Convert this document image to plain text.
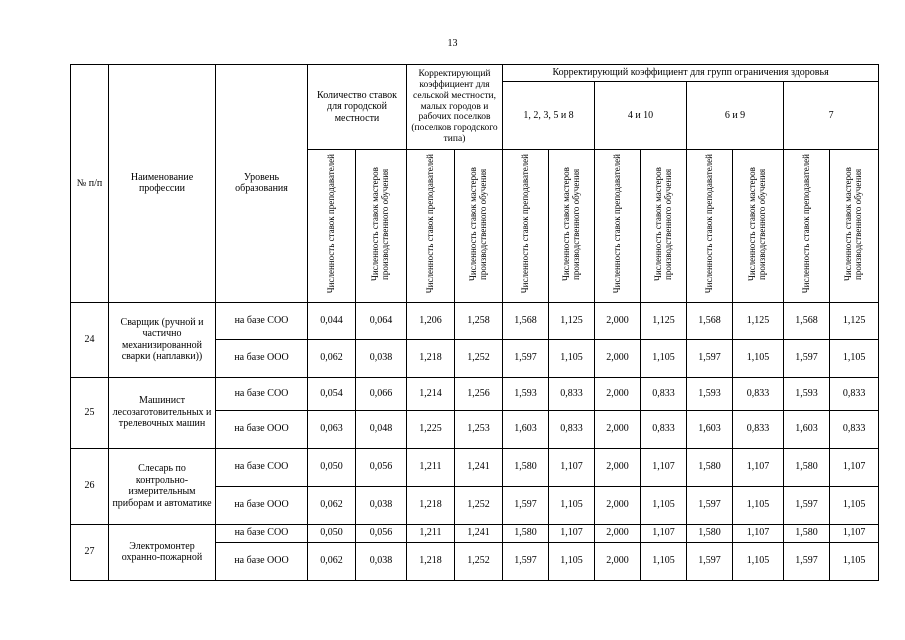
13
№ п/п	Наименование профессии	Уровень образования	Количество ставок для городской местности		Корректирующий коэффициент для сельской местности, малых городов и рабочих поселков (поселков городского типа)		Корректирующий коэффициент для групп ограничения здоровья							
							1, 2, 3, 5 и 8		4 и 10		6 и 9		7	
			Численность ставок преподавателей	Численность ставок мастеров производственного обучения	Численность ставок преподавателей	Численность ставок мастеров производственного обучения	Численность ставок преподавателей	Численность ставок мастеров производственного обучения	Численность ставок преподавателей	Численность ставок мастеров производственного обучения	Численность ставок преподавателей	Численность ставок мастеров производственного обучения	Численность ставок преподавателей	Численность ставок мастеров производственного обучения
24	Сварщик (ручной и частично механизированной сварки (наплавки))	на базе СОО	0,044	0,064	1,206	1,258	1,568	1,125	2,000	1,125	1,568	1,125	1,568	1,125
		на базе ООО	0,062	0,038	1,218	1,252	1,597	1,105	2,000	1,105	1,597	1,105	1,597	1,105
25	Машинист лесозаготовительных и трелевочных машин	на базе СОО	0,054	0,066	1,214	1,256	1,593	0,833	2,000	0,833	1,593	0,833	1,593	0,833
		на базе ООО	0,063	0,048	1,225	1,253	1,603	0,833	2,000	0,833	1,603	0,833	1,603	0,833
26	Слесарь по контрольно-измерительным приборам и автоматике	на базе СОО	0,050	0,056	1,211	1,241	1,580	1,107	2,000	1,107	1,580	1,107	1,580	1,107
		на базе ООО	0,062	0,038	1,218	1,252	1,597	1,105	2,000	1,105	1,597	1,105	1,597	1,105
27	Электромонтер охранно-пожарной	на базе СОО	0,050	0,056	1,211	1,241	1,580	1,107	2,000	1,107	1,580	1,107	1,580	1,107
		на базе ООО	0,062	0,038	1,218	1,252	1,597	1,105	2,000	1,105	1,597	1,105	1,597	1,105
